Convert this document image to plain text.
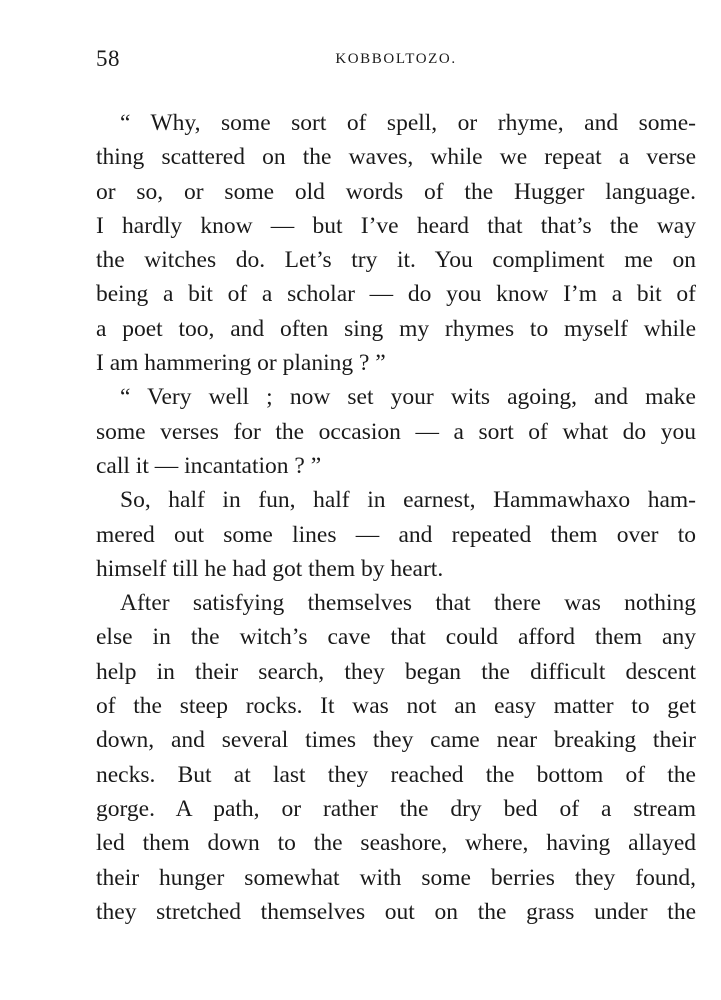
58	KOBBOLTOZO.
“ Why, some sort of spell, or rhyme, and some-
thing scattered on the waves, while we repeat a verse
or so, or some old words of the Hugger language.
I hardly know — but I’ve heard that that’s the way
the witches do. Let’s try it. You compliment me on
being a bit of a scholar — do you know I’m a bit of
a poet too, and often sing my rhymes to myself while
I am hammering or planing ? ”
“ Very well ; now set your wits agoing, and make
some verses for the occasion — a sort of what do you
call it — incantation ? ”
So, half in fun, half in earnest, Hammawhaxo ham-
mered out some lines — and repeated them over to
himself till he had got them by heart.
After satisfying themselves that there was nothing
else in the witch’s cave that could afford them any
help in their search, they began the difficult descent
of the steep rocks. It was not an easy matter to get
down, and several times they came near breaking their
necks. But at last they reached the bottom of the
gorge. A path, or rather the dry bed of a stream
led them down to the seashore, where, having allayed
their hunger somewhat with some berries they found,
they stretched themselves out on the grass under the
